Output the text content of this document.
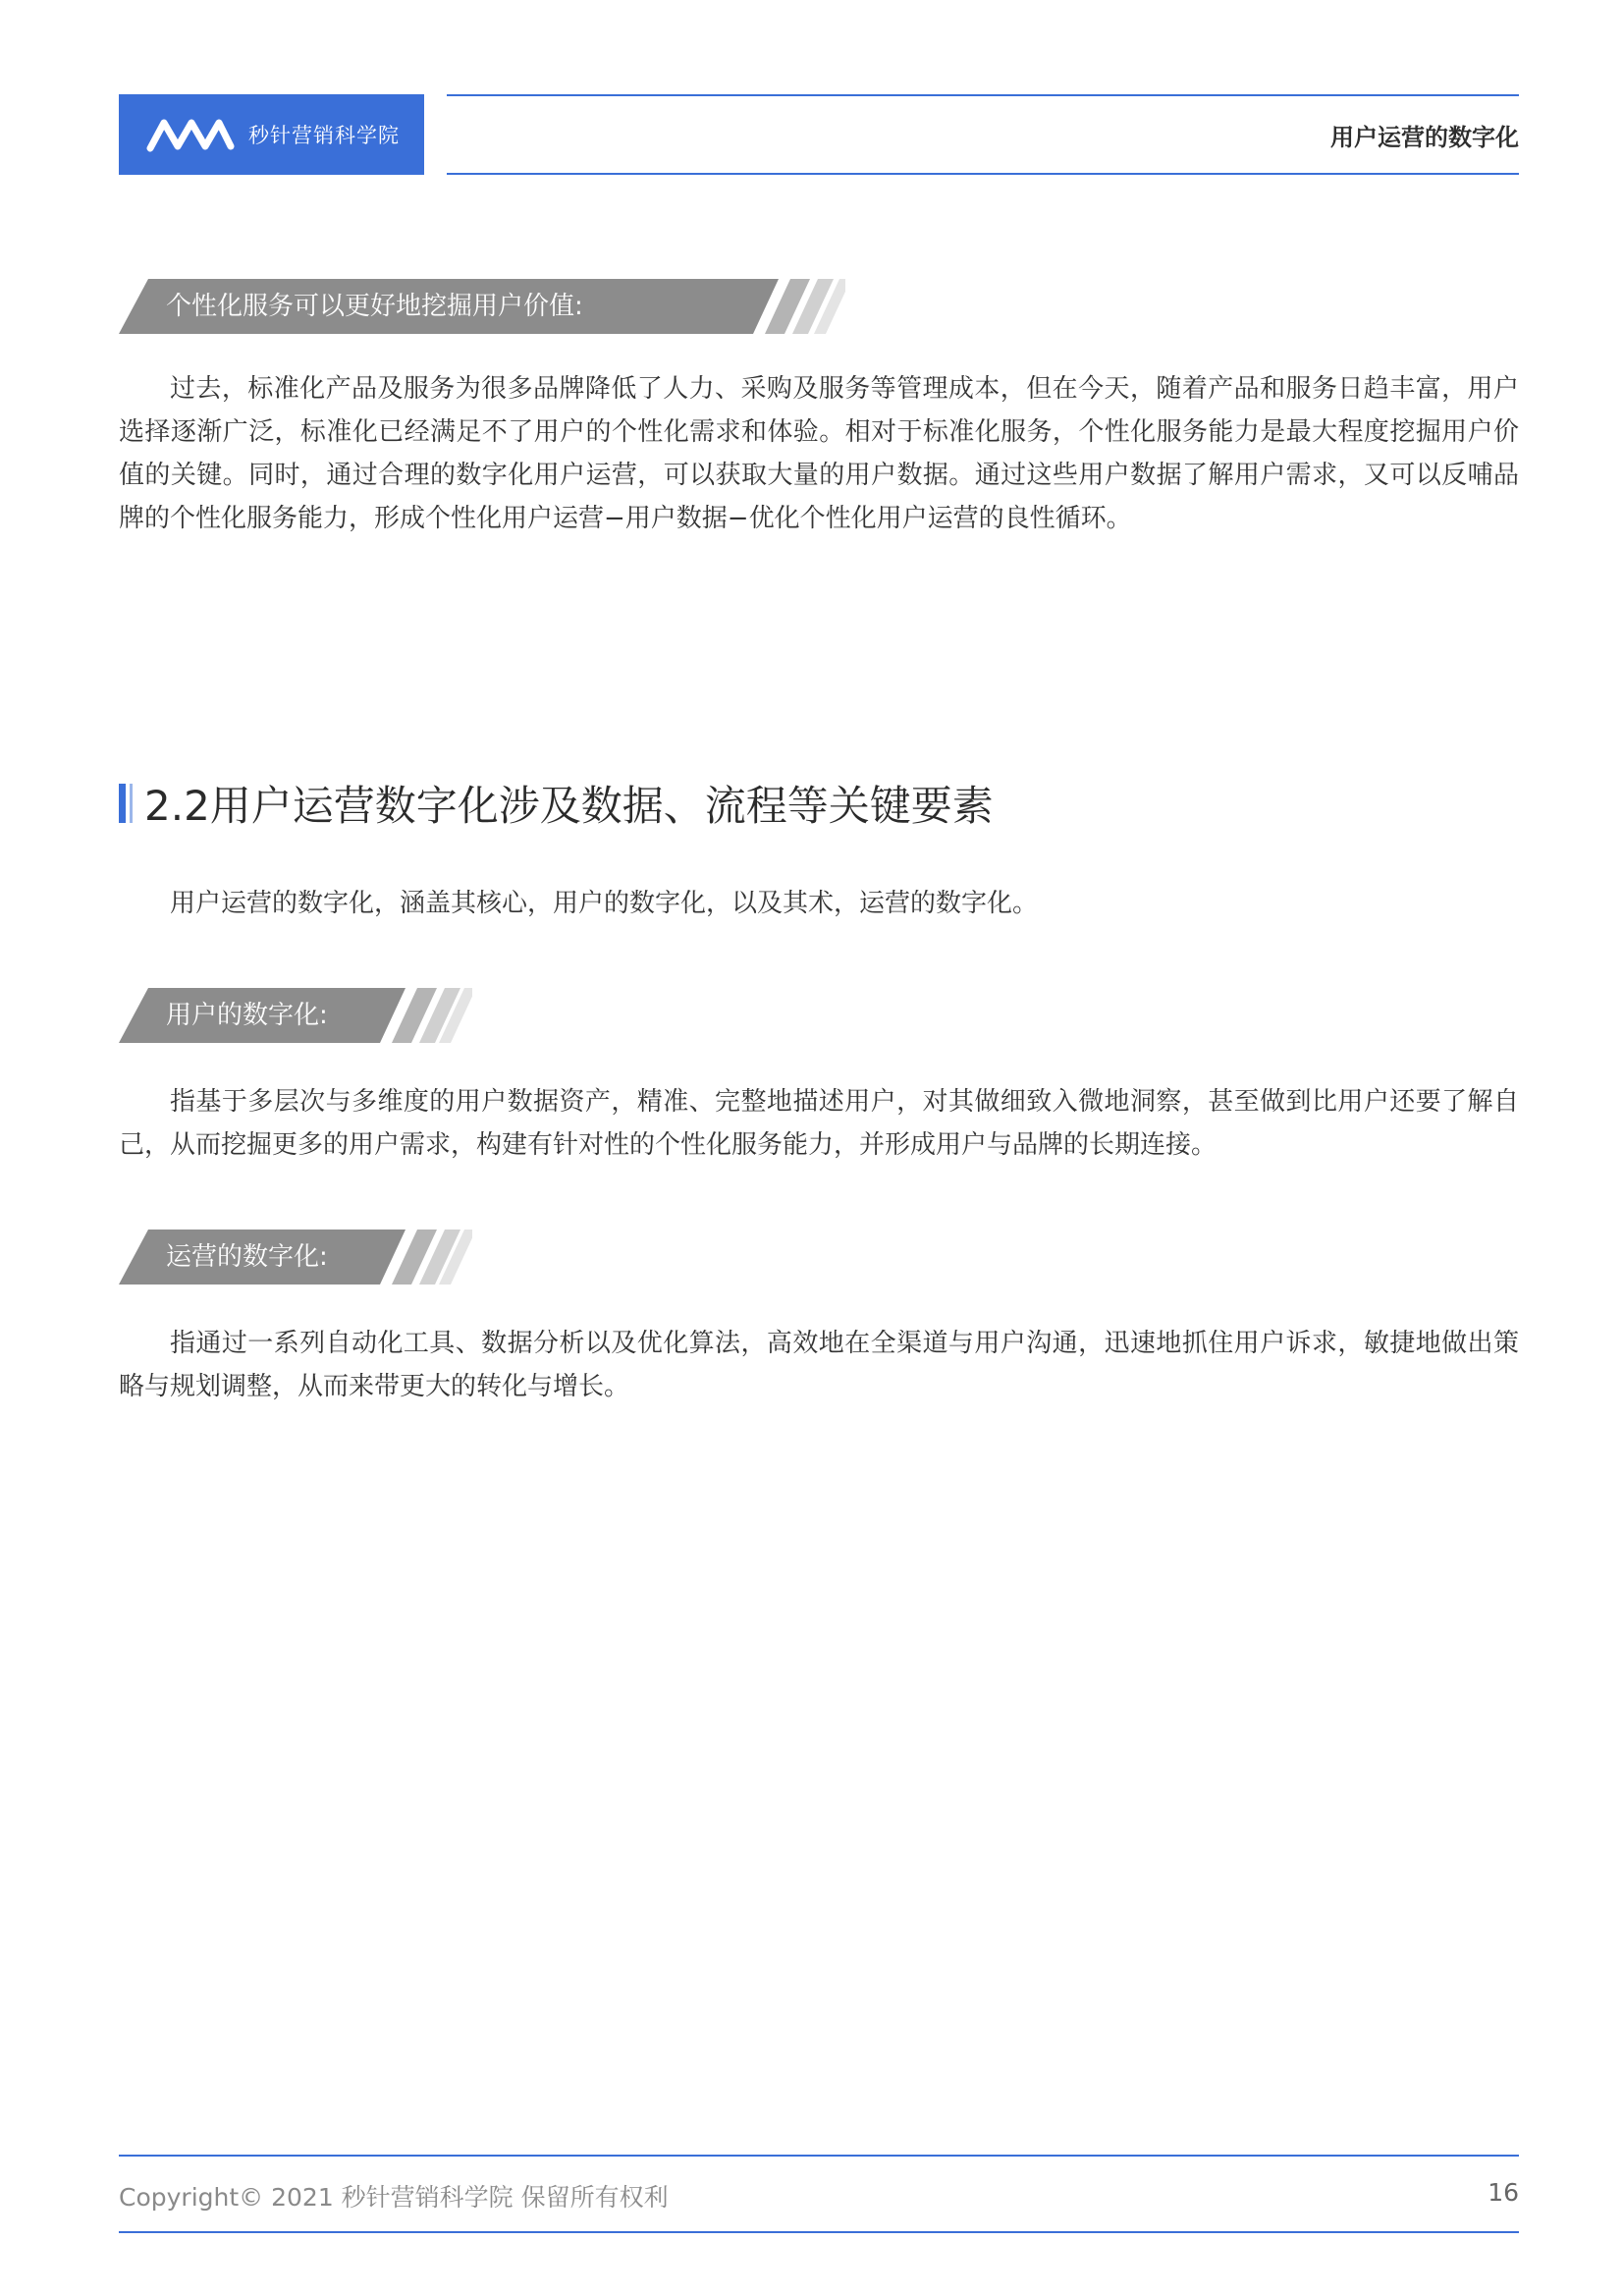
秒针营销科学院	用户运营的数字化
个性化服务可以更好地挖掘用户价值:

过去，标准化产品及服务为很多品牌降低了人力、采购及服务等管理成本，但在今天，随着产品和服务日趋丰富，用户选择逐渐广泛，标准化已经满足不了用户的个性化需求和体验。相对于标准化服务，个性化服务能力是最大程度挖掘用户价值的关键。同时，通过合理的数字化用户运营，可以获取大量的用户数据。通过这些用户数据了解用户需求，又可以反哺品牌的个性化服务能力，形成个性化用户运营−用户数据−优化个性化用户运营的良性循环。

2.2用户运营数字化涉及数据、流程等关键要素

用户运营的数字化，涵盖其核心，用户的数字化，以及其术，运营的数字化。

用户的数字化:

指基于多层次与多维度的用户数据资产，精准、完整地描述用户，对其做细致入微地洞察，甚至做到比用户还要了解自己，从而挖掘更多的用户需求，构建有针对性的个性化服务能力，并形成用户与品牌的长期连接。

运营的数字化:

指通过一系列自动化工具、数据分析以及优化算法，高效地在全渠道与用户沟通，迅速地抓住用户诉求，敏捷地做出策略与规划调整，从而来带更大的转化与增长。

Copyright© 2021 秒针营销科学院 保留所有权利	16
